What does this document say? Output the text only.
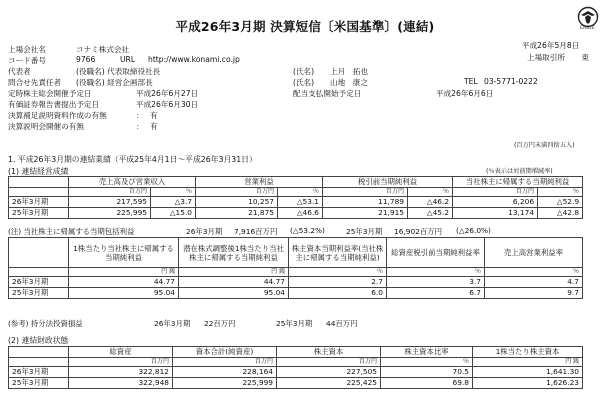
平成26年3月期 決算短信〔米国基準〕(連結)	EAGLE
平成26年5月8日
上場取引所 東
上場会社名	コナミ株式会社
コード番号	9766	URL http://www.konami.co.jp
代表者	(役職名) 代表取締役社長	(氏名) 上月　拓也
問合せ先責任者 (役職名) 経営企画部長	(氏名) 山地　康之	TEL 03-5771-0222
定時株主総会開催予定日	平成26年6月27日	配当支払開始予定日	平成26年6月6日
有価証券報告書提出予定日	平成26年6月30日
決算補足説明資料作成の有無	： 有
決算説明会開催の有無	： 有
(百万円未満四捨五入)
1. 平成26年3月期の連結業績（平成25年4月1日～平成26年3月31日）
(1) 連結経営成績	(％表示は対前期増減率)
	売上高及び営業収入		営業利益		税引前当期純利益		当社株主に帰属する当期純利益	
	百万円	％	百万円	％	百万円	％	百万円	％
26年3月期	217,595	△3.7	10,257	△53.1	11,789	△46.2	6,206	△52.9
25年3月期	225,995	△15.0	21,875	△46.6	21,915	△45.2	13,174	△42.8
(注) 当社株主に帰属する当期包括利益	26年3月期 7,916百万円 (△53.2%)	25年3月期 16,902百万円 (△26.0%)
	1株当たり当社株主に帰属する当期純利益	潜在株式調整後1株当たり当社株主に帰属する当期純利益	株主資本当期利益率(当社株主に帰属する当期純利益)	総資産税引前当期純利益率	売上高営業利益率
	円 銭	円 銭	％	％	％
26年3月期	44.77	44.77	2.7	3.7	4.7
25年3月期	95.04	95.04	6.0	6.7	9.7
(参考) 持分法投資損益	26年3月期 22百万円	25年3月期 44百万円
(2) 連結財政状態
	総資産	資本合計(純資産)	株主資本	株主資本比率	1株当たり株主資本
	百万円	百万円	百万円	％	円 銭
26年3月期	322,812	228,164	227,505	70.5	1,641.30
25年3月期	322,948	225,999	225,425	69.8	1,626.23
